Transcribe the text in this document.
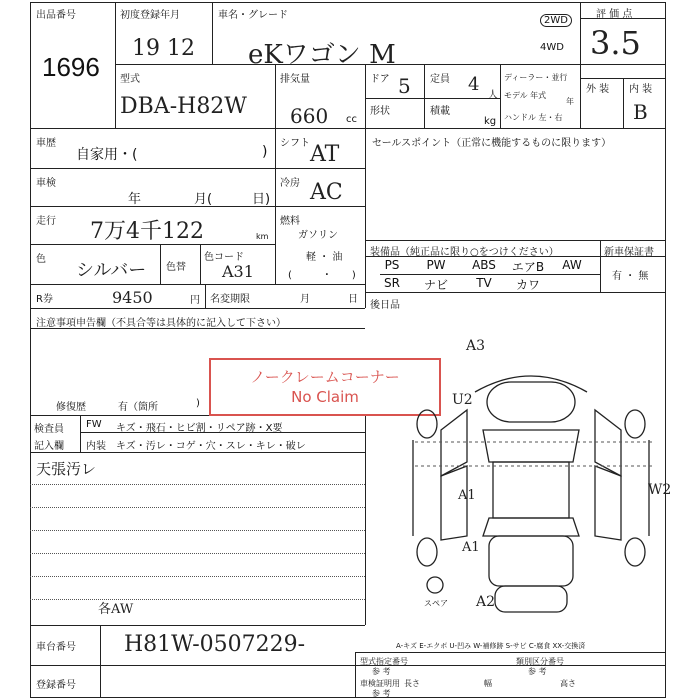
出品番号
1696
初度登録年月
19 12
車名・グレード
eKワゴン M
2WD
4WD
評 価 点
3.5
外 装 内 装
B
型式
DBA-H82W
排気量
660 cc
ドア 5 定員 4
人
形状	積載
kg
ディーラー・並行
モデル 年式
年
ハンドル 左・右
車歴
自家用・(	)
シフト AT	セールスポイント（正常に機能するものに限ります）
車検
年	月(	日)
冷房 AC
走行 7万4千122	km
燃料
ガソリン
軽 ・ 油
(　　　・　　)
色
シルバー 色替
色コード
A31
装備品（純正品に限り○をつけください）	新車保証書
有 ・ 無
PS	PW	ABS	エアB	AW
SR	ナビ	TV	カワ
後日品
R券	9450	円 名変期限	月	日
注意事項申告欄（不具合等は具体的に記入して下さい）
修復歴	有（箇所	)
検査員
記入欄
FW キズ・飛石・ヒビ割・リペア跡・X要
内装 キズ・汚レ・コゲ・穴・スレ・キレ・破レ
天張汚レ
各AW
ノークレームコーナー
No Claim
A3
U2
A1
A1
A2
W2
スペア
A-キズ E-エクボ U-凹み W-補修跡 S-サビ C-腐食 XX-交換済
車台番号 H81W-0507229-
登録番号
型式指定番号
参 考
類別区分番号
参 考
車検証明用
参 考
長さ	幅	高さ
